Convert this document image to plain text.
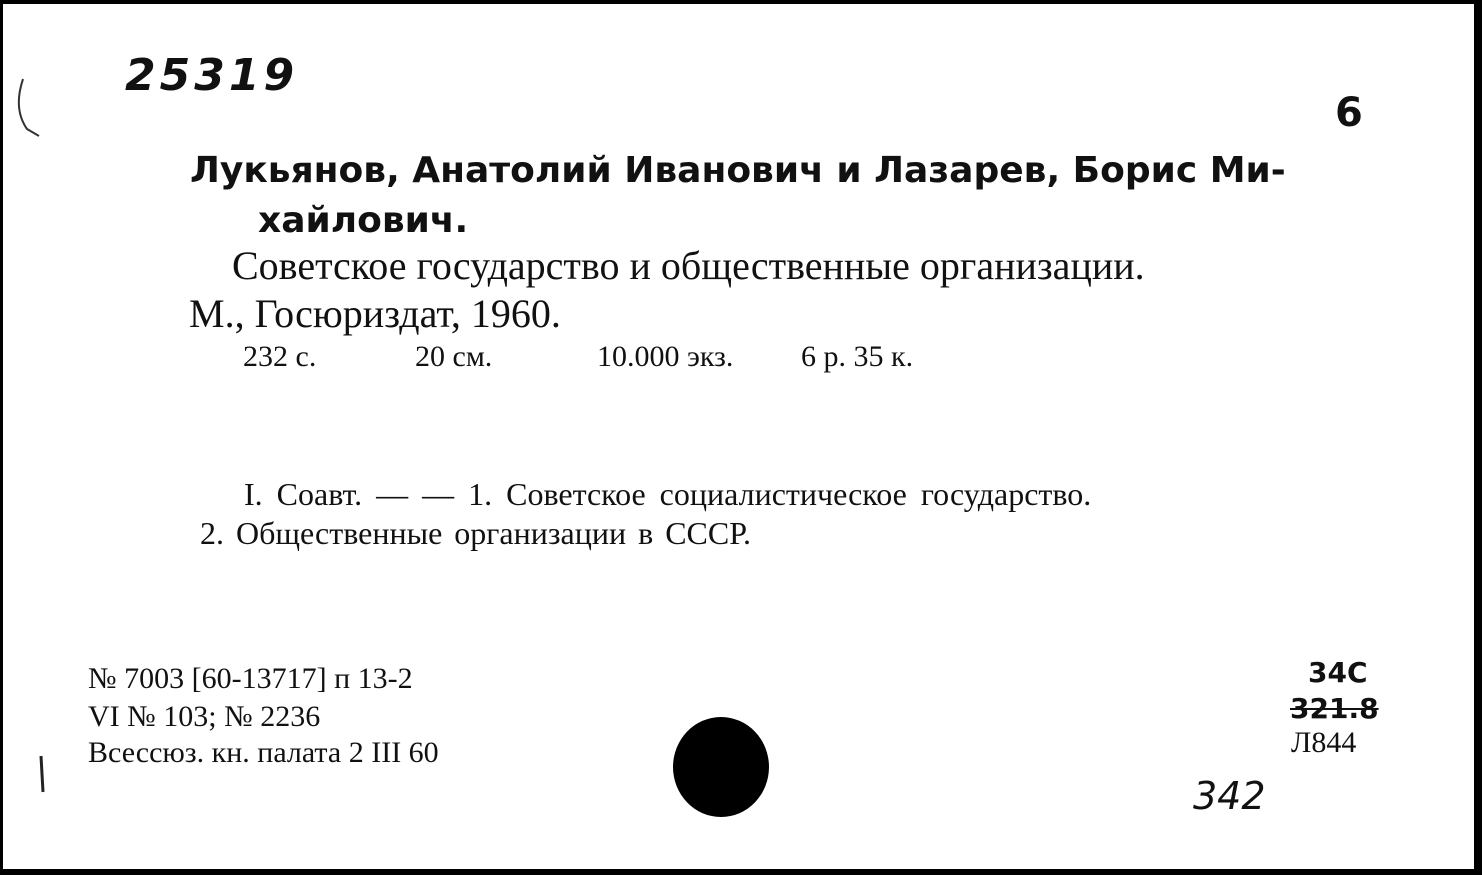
25319
6
Лукьянов, Анатолий Иванович и Лазарев, Борис Ми-
хайлович.
Советское государство и общественные организации.
М., Госюриздат, 1960.
232 с.	20 см.	10.000 экз. 6 р. 35 к.
I. Соавт. — — 1. Советское социалистическое государство.
2. Общественные организации в СССР.
№ 7003 [60-13717] п 13-2
VI № 103; № 2236
Всессюз. кн. палата 2 III 60
34С
321.8
Л844
342
